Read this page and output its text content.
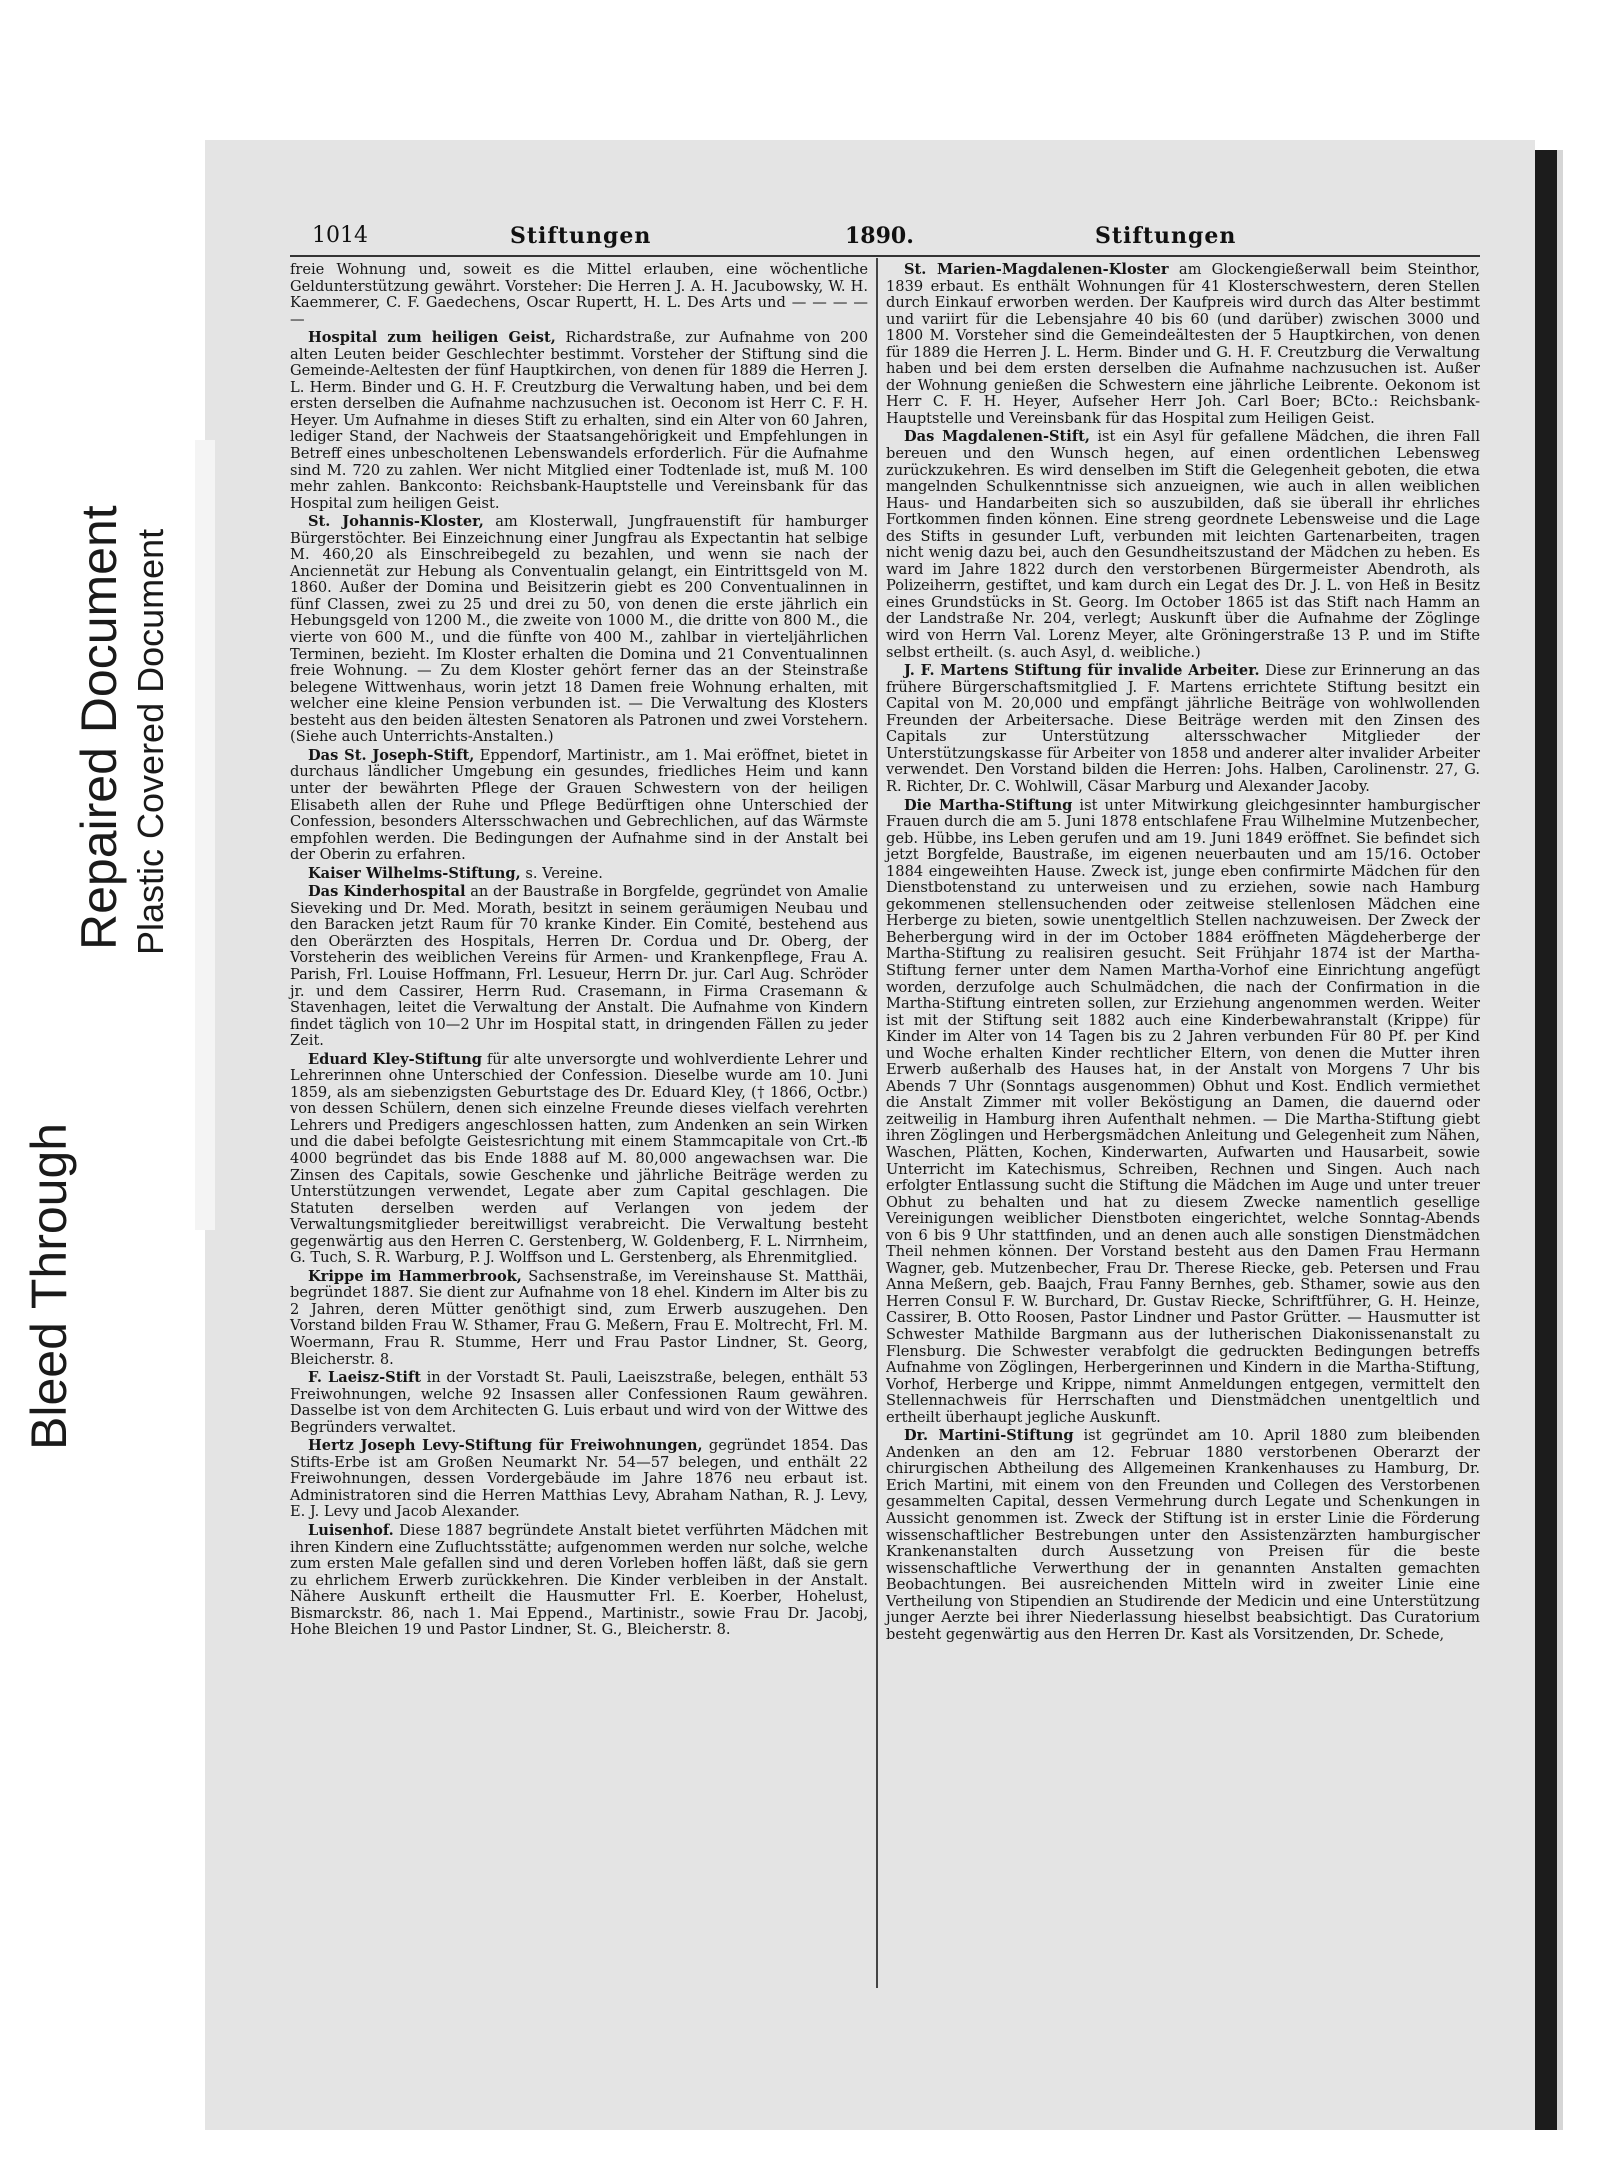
Bleed Through
Repaired Document Plastic Covered Document
1014	Stiftungen	1890.	Stiftungen

freie Wohnung und, soweit es die Mittel erlauben, eine wöchentliche Geldunterstützung gewährt. Vorsteher: Die Herren J. A. H. Jacubowsky, W. H. Kaemmerer, C. F. Gaedechens, Oscar Rupertt, H. L. Des Arts und — — — — —

Hospital zum heiligen Geist, Richardstraße, zur Aufnahme von 200 alten Leuten beider Geschlechter bestimmt. Vorsteher der Stiftung sind die Gemeinde-Aeltesten der fünf Hauptkirchen, von denen für 1889 die Herren J. L. Herm. Binder und G. H. F. Creutzburg die Verwaltung haben, und bei dem ersten derselben die Aufnahme nachzusuchen ist. Oeconom ist Herr C. F. H. Heyer. Um Aufnahme in dieses Stift zu erhalten, sind ein Alter von 60 Jahren, lediger Stand, der Nachweis der Staatsangehörigkeit und Empfehlungen in Betreff eines unbescholtenen Lebenswandels erforderlich. Für die Aufnahme sind M. 720 zu zahlen. Wer nicht Mitglied einer Todtenlade ist, muß M. 100 mehr zahlen. Bankconto: Reichsbank-Hauptstelle und Vereinsbank für das Hospital zum heiligen Geist.

St. Johannis-Kloster, am Klosterwall, Jungfrauenstift für hamburger Bürgerstöchter. Bei Einzeichnung einer Jungfrau als Expectantin hat selbige M. 460,20 als Einschreibegeld zu bezahlen, und wenn sie nach der Anciennetät zur Hebung als Conventualin gelangt, ein Eintrittsgeld von M. 1860. Außer der Domina und Beisitzerin giebt es 200 Conventualinnen in fünf Classen, zwei zu 25 und drei zu 50, von denen die erste jährlich ein Hebungsgeld von 1200 M., die zweite von 1000 M., die dritte von 800 M., die vierte von 600 M., und die fünfte von 400 M., zahlbar in vierteljährlichen Terminen, bezieht. Im Kloster erhalten die Domina und 21 Conventualinnen freie Wohnung. — Zu dem Kloster gehört ferner das an der Steinstraße belegene Wittwenhaus, worin jetzt 18 Damen freie Wohnung erhalten, mit welcher eine kleine Pension verbunden ist. — Die Verwaltung des Klosters besteht aus den beiden ältesten Senatoren als Patronen und zwei Vorstehern. (Siehe auch Unterrichts-Anstalten.)

Das St. Joseph-Stift, Eppendorf, Martinistr., am 1. Mai eröffnet, bietet in durchaus ländlicher Umgebung ein gesundes, friedliches Heim und kann unter der bewährten Pflege der Grauen Schwestern von der heiligen Elisabeth allen der Ruhe und Pflege Bedürftigen ohne Unterschied der Confession, besonders Altersschwachen und Gebrechlichen, auf das Wärmste empfohlen werden. Die Bedingungen der Aufnahme sind in der Anstalt bei der Oberin zu erfahren.

Kaiser Wilhelms-Stiftung, s. Vereine.

Das Kinderhospital an der Baustraße in Borgfelde, gegründet von Amalie Sieveking und Dr. Med. Morath, besitzt in seinem geräumigen Neubau und den Baracken jetzt Raum für 70 kranke Kinder. Ein Comité, bestehend aus den Oberärzten des Hospitals, Herren Dr. Cordua und Dr. Oberg, der Vorsteherin des weiblichen Vereins für Armen- und Krankenpflege, Frau A. Parish, Frl. Louise Hoffmann, Frl. Lesueur, Herrn Dr. jur. Carl Aug. Schröder jr. und dem Cassirer, Herrn Rud. Crasemann, in Firma Crasemann & Stavenhagen, leitet die Verwaltung der Anstalt. Die Aufnahme von Kindern findet täglich von 10—2 Uhr im Hospital statt, in dringenden Fällen zu jeder Zeit.

Eduard Kley-Stiftung für alte unversorgte und wohlverdiente Lehrer und Lehrerinnen ohne Unterschied der Confession. Dieselbe wurde am 10. Juni 1859, als am siebenzigsten Geburtstage des Dr. Eduard Kley, († 1866, Octbr.) von dessen Schülern, denen sich einzelne Freunde dieses vielfach verehrten Lehrers und Predigers angeschlossen hatten, zum Andenken an sein Wirken und die dabei befolgte Geistesrichtung mit einem Stammcapitale von Crt.-℔ 4000 begründet das bis Ende 1888 auf M. 80,000 angewachsen war. Die Zinsen des Capitals, sowie Geschenke und jährliche Beiträge werden zu Unterstützungen verwendet, Legate aber zum Capital geschlagen. Die Statuten derselben werden auf Verlangen von jedem der Verwaltungsmitglieder bereitwilligst verabreicht. Die Verwaltung besteht gegenwärtig aus den Herren C. Gerstenberg, W. Goldenberg, F. L. Nirrnheim, G. Tuch, S. R. Warburg, P. J. Wolffson und L. Gerstenberg, als Ehrenmitglied.

Krippe im Hammerbrook, Sachsenstraße, im Vereinshause St. Matthäi, begründet 1887. Sie dient zur Aufnahme von 18 ehel. Kindern im Alter bis zu 2 Jahren, deren Mütter genöthigt sind, zum Erwerb auszugehen. Den Vorstand bilden Frau W. Sthamer, Frau G. Meßern, Frau E. Moltrecht, Frl. M. Woermann, Frau R. Stumme, Herr und Frau Pastor Lindner, St. Georg, Bleicherstr. 8.

F. Laeisz-Stift in der Vorstadt St. Pauli, Laeiszstraße, belegen, enthält 53 Freiwohnungen, welche 92 Insassen aller Confessionen Raum gewähren. Dasselbe ist von dem Architecten G. Luis erbaut und wird von der Wittwe des Begründers verwaltet.

Hertz Joseph Levy-Stiftung für Freiwohnungen, gegründet 1854. Das Stifts-Erbe ist am Großen Neumarkt Nr. 54—57 belegen, und enthält 22 Freiwohnungen, dessen Vordergebäude im Jahre 1876 neu erbaut ist. Administratoren sind die Herren Matthias Levy, Abraham Nathan, R. J. Levy, E. J. Levy und Jacob Alexander.

Luisenhof. Diese 1887 begründete Anstalt bietet verführten Mädchen mit ihren Kindern eine Zufluchtsstätte; aufgenommen werden nur solche, welche zum ersten Male gefallen sind und deren Vorleben hoffen läßt, daß sie gern zu ehrlichem Erwerb zurückkehren. Die Kinder verbleiben in der Anstalt. Nähere Auskunft ertheilt die Hausmutter Frl. E. Koerber, Hohelust, Bismarckstr. 86, nach 1. Mai Eppend., Martinistr., sowie Frau Dr. Jacobj, Hohe Bleichen 19 und Pastor Lindner, St. G., Bleicherstr. 8.

St. Marien-Magdalenen-Kloster am Glockengießerwall beim Steinthor, 1839 erbaut. Es enthält Wohnungen für 41 Klosterschwestern, deren Stellen durch Einkauf erworben werden. Der Kaufpreis wird durch das Alter bestimmt und variirt für die Lebensjahre 40 bis 60 (und darüber) zwischen 3000 und 1800 M. Vorsteher sind die Gemeindeältesten der 5 Hauptkirchen, von denen für 1889 die Herren J. L. Herm. Binder und G. H. F. Creutzburg die Verwaltung haben und bei dem ersten derselben die Aufnahme nachzusuchen ist. Außer der Wohnung genießen die Schwestern eine jährliche Leibrente. Oekonom ist Herr C. F. H. Heyer, Aufseher Herr Joh. Carl Boer; BCto.: Reichsbank-Hauptstelle und Vereinsbank für das Hospital zum Heiligen Geist.

Das Magdalenen-Stift, ist ein Asyl für gefallene Mädchen, die ihren Fall bereuen und den Wunsch hegen, auf einen ordentlichen Lebensweg zurückzukehren. Es wird denselben im Stift die Gelegenheit geboten, die etwa mangelnden Schulkenntnisse sich anzueignen, wie auch in allen weiblichen Haus- und Handarbeiten sich so auszubilden, daß sie überall ihr ehrliches Fortkommen finden können. Eine streng geordnete Lebensweise und die Lage des Stifts in gesunder Luft, verbunden mit leichten Gartenarbeiten, tragen nicht wenig dazu bei, auch den Gesundheitszustand der Mädchen zu heben. Es ward im Jahre 1822 durch den verstorbenen Bürgermeister Abendroth, als Polizeiherrn, gestiftet, und kam durch ein Legat des Dr. J. L. von Heß in Besitz eines Grundstücks in St. Georg. Im October 1865 ist das Stift nach Hamm an der Landstraße Nr. 204, verlegt; Auskunft über die Aufnahme der Zöglinge wird von Herrn Val. Lorenz Meyer, alte Gröningerstraße 13 P. und im Stifte selbst ertheilt. (s. auch Asyl, d. weibliche.)

J. F. Martens Stiftung für invalide Arbeiter. Diese zur Erinnerung an das frühere Bürgerschaftsmitglied J. F. Martens errichtete Stiftung besitzt ein Capital von M. 20,000 und empfängt jährliche Beiträge von wohlwollenden Freunden der Arbeitersache. Diese Beiträge werden mit den Zinsen des Capitals zur Unterstützung altersschwacher Mitglieder der Unterstützungskasse für Arbeiter von 1858 und anderer alter invalider Arbeiter verwendet. Den Vorstand bilden die Herren: Johs. Halben, Carolinenstr. 27, G. R. Richter, Dr. C. Wohlwill, Cäsar Marburg und Alexander Jacoby.

Die Martha-Stiftung ist unter Mitwirkung gleichgesinnter hamburgischer Frauen durch die am 5. Juni 1878 entschlafene Frau Wilhelmine Mutzenbecher, geb. Hübbe, ins Leben gerufen und am 19. Juni 1849 eröffnet. Sie befindet sich jetzt Borgfelde, Baustraße, im eigenen neuerbauten und am 15/16. October 1884 eingeweihten Hause. Zweck ist, junge eben confirmirte Mädchen für den Dienstbotenstand zu unterweisen und zu erziehen, sowie nach Hamburg gekommenen stellensuchenden oder zeitweise stellenlosen Mädchen eine Herberge zu bieten, sowie unentgeltlich Stellen nachzuweisen. Der Zweck der Beherbergung wird in der im October 1884 eröffneten Mägdeherberge der Martha-Stiftung zu realisiren gesucht. Seit Frühjahr 1874 ist der Martha-Stiftung ferner unter dem Namen Martha-Vorhof eine Einrichtung angefügt worden, derzufolge auch Schulmädchen, die nach der Confirmation in die Martha-Stiftung eintreten sollen, zur Erziehung angenommen werden. Weiter ist mit der Stiftung seit 1882 auch eine Kinderbewahranstalt (Krippe) für Kinder im Alter von 14 Tagen bis zu 2 Jahren verbunden Für 80 Pf. per Kind und Woche erhalten Kinder rechtlicher Eltern, von denen die Mutter ihren Erwerb außerhalb des Hauses hat, in der Anstalt von Morgens 7 Uhr bis Abends 7 Uhr (Sonntags ausgenommen) Obhut und Kost. Endlich vermiethet die Anstalt Zimmer mit voller Beköstigung an Damen, die dauernd oder zeitweilig in Hamburg ihren Aufenthalt nehmen. — Die Martha-Stiftung giebt ihren Zöglingen und Herbergsmädchen Anleitung und Gelegenheit zum Nähen, Waschen, Plätten, Kochen, Kinderwarten, Aufwarten und Hausarbeit, sowie Unterricht im Katechismus, Schreiben, Rechnen und Singen. Auch nach erfolgter Entlassung sucht die Stiftung die Mädchen im Auge und unter treuer Obhut zu behalten und hat zu diesem Zwecke namentlich gesellige Vereinigungen weiblicher Dienstboten eingerichtet, welche Sonntag-Abends von 6 bis 9 Uhr stattfinden, und an denen auch alle sonstigen Dienstmädchen Theil nehmen können. Der Vorstand besteht aus den Damen Frau Hermann Wagner, geb. Mutzenbecher, Frau Dr. Therese Riecke, geb. Petersen und Frau Anna Meßern, geb. Baajch, Frau Fanny Bernhes, geb. Sthamer, sowie aus den Herren Consul F. W. Burchard, Dr. Gustav Riecke, Schriftführer, G. H. Heinze, Cassirer, B. Otto Roosen, Pastor Lindner und Pastor Grütter. — Hausmutter ist Schwester Mathilde Bargmann aus der lutherischen Diakonissenanstalt zu Flensburg. Die Schwester verabfolgt die gedruckten Bedingungen betreffs Aufnahme von Zöglingen, Herbergerinnen und Kindern in die Martha-Stiftung, Vorhof, Herberge und Krippe, nimmt Anmeldungen entgegen, vermittelt den Stellennachweis für Herrschaften und Dienstmädchen unentgeltlich und ertheilt überhaupt jegliche Auskunft.

Dr. Martini-Stiftung ist gegründet am 10. April 1880 zum bleibenden Andenken an den am 12. Februar 1880 verstorbenen Oberarzt der chirurgischen Abtheilung des Allgemeinen Krankenhauses zu Hamburg, Dr. Erich Martini, mit einem von den Freunden und Collegen des Verstorbenen gesammelten Capital, dessen Vermehrung durch Legate und Schenkungen in Aussicht genommen ist. Zweck der Stiftung ist in erster Linie die Förderung wissenschaftlicher Bestrebungen unter den Assistenzärzten hamburgischer Krankenanstalten durch Aussetzung von Preisen für die beste wissenschaftliche Verwerthung der in genannten Anstalten gemachten Beobachtungen. Bei ausreichenden Mitteln wird in zweiter Linie eine Vertheilung von Stipendien an Studirende der Medicin und eine Unterstützung junger Aerzte bei ihrer Niederlassung hieselbst beabsichtigt. Das Curatorium besteht gegenwärtig aus den Herren Dr. Kast als Vorsitzenden, Dr. Schede,
